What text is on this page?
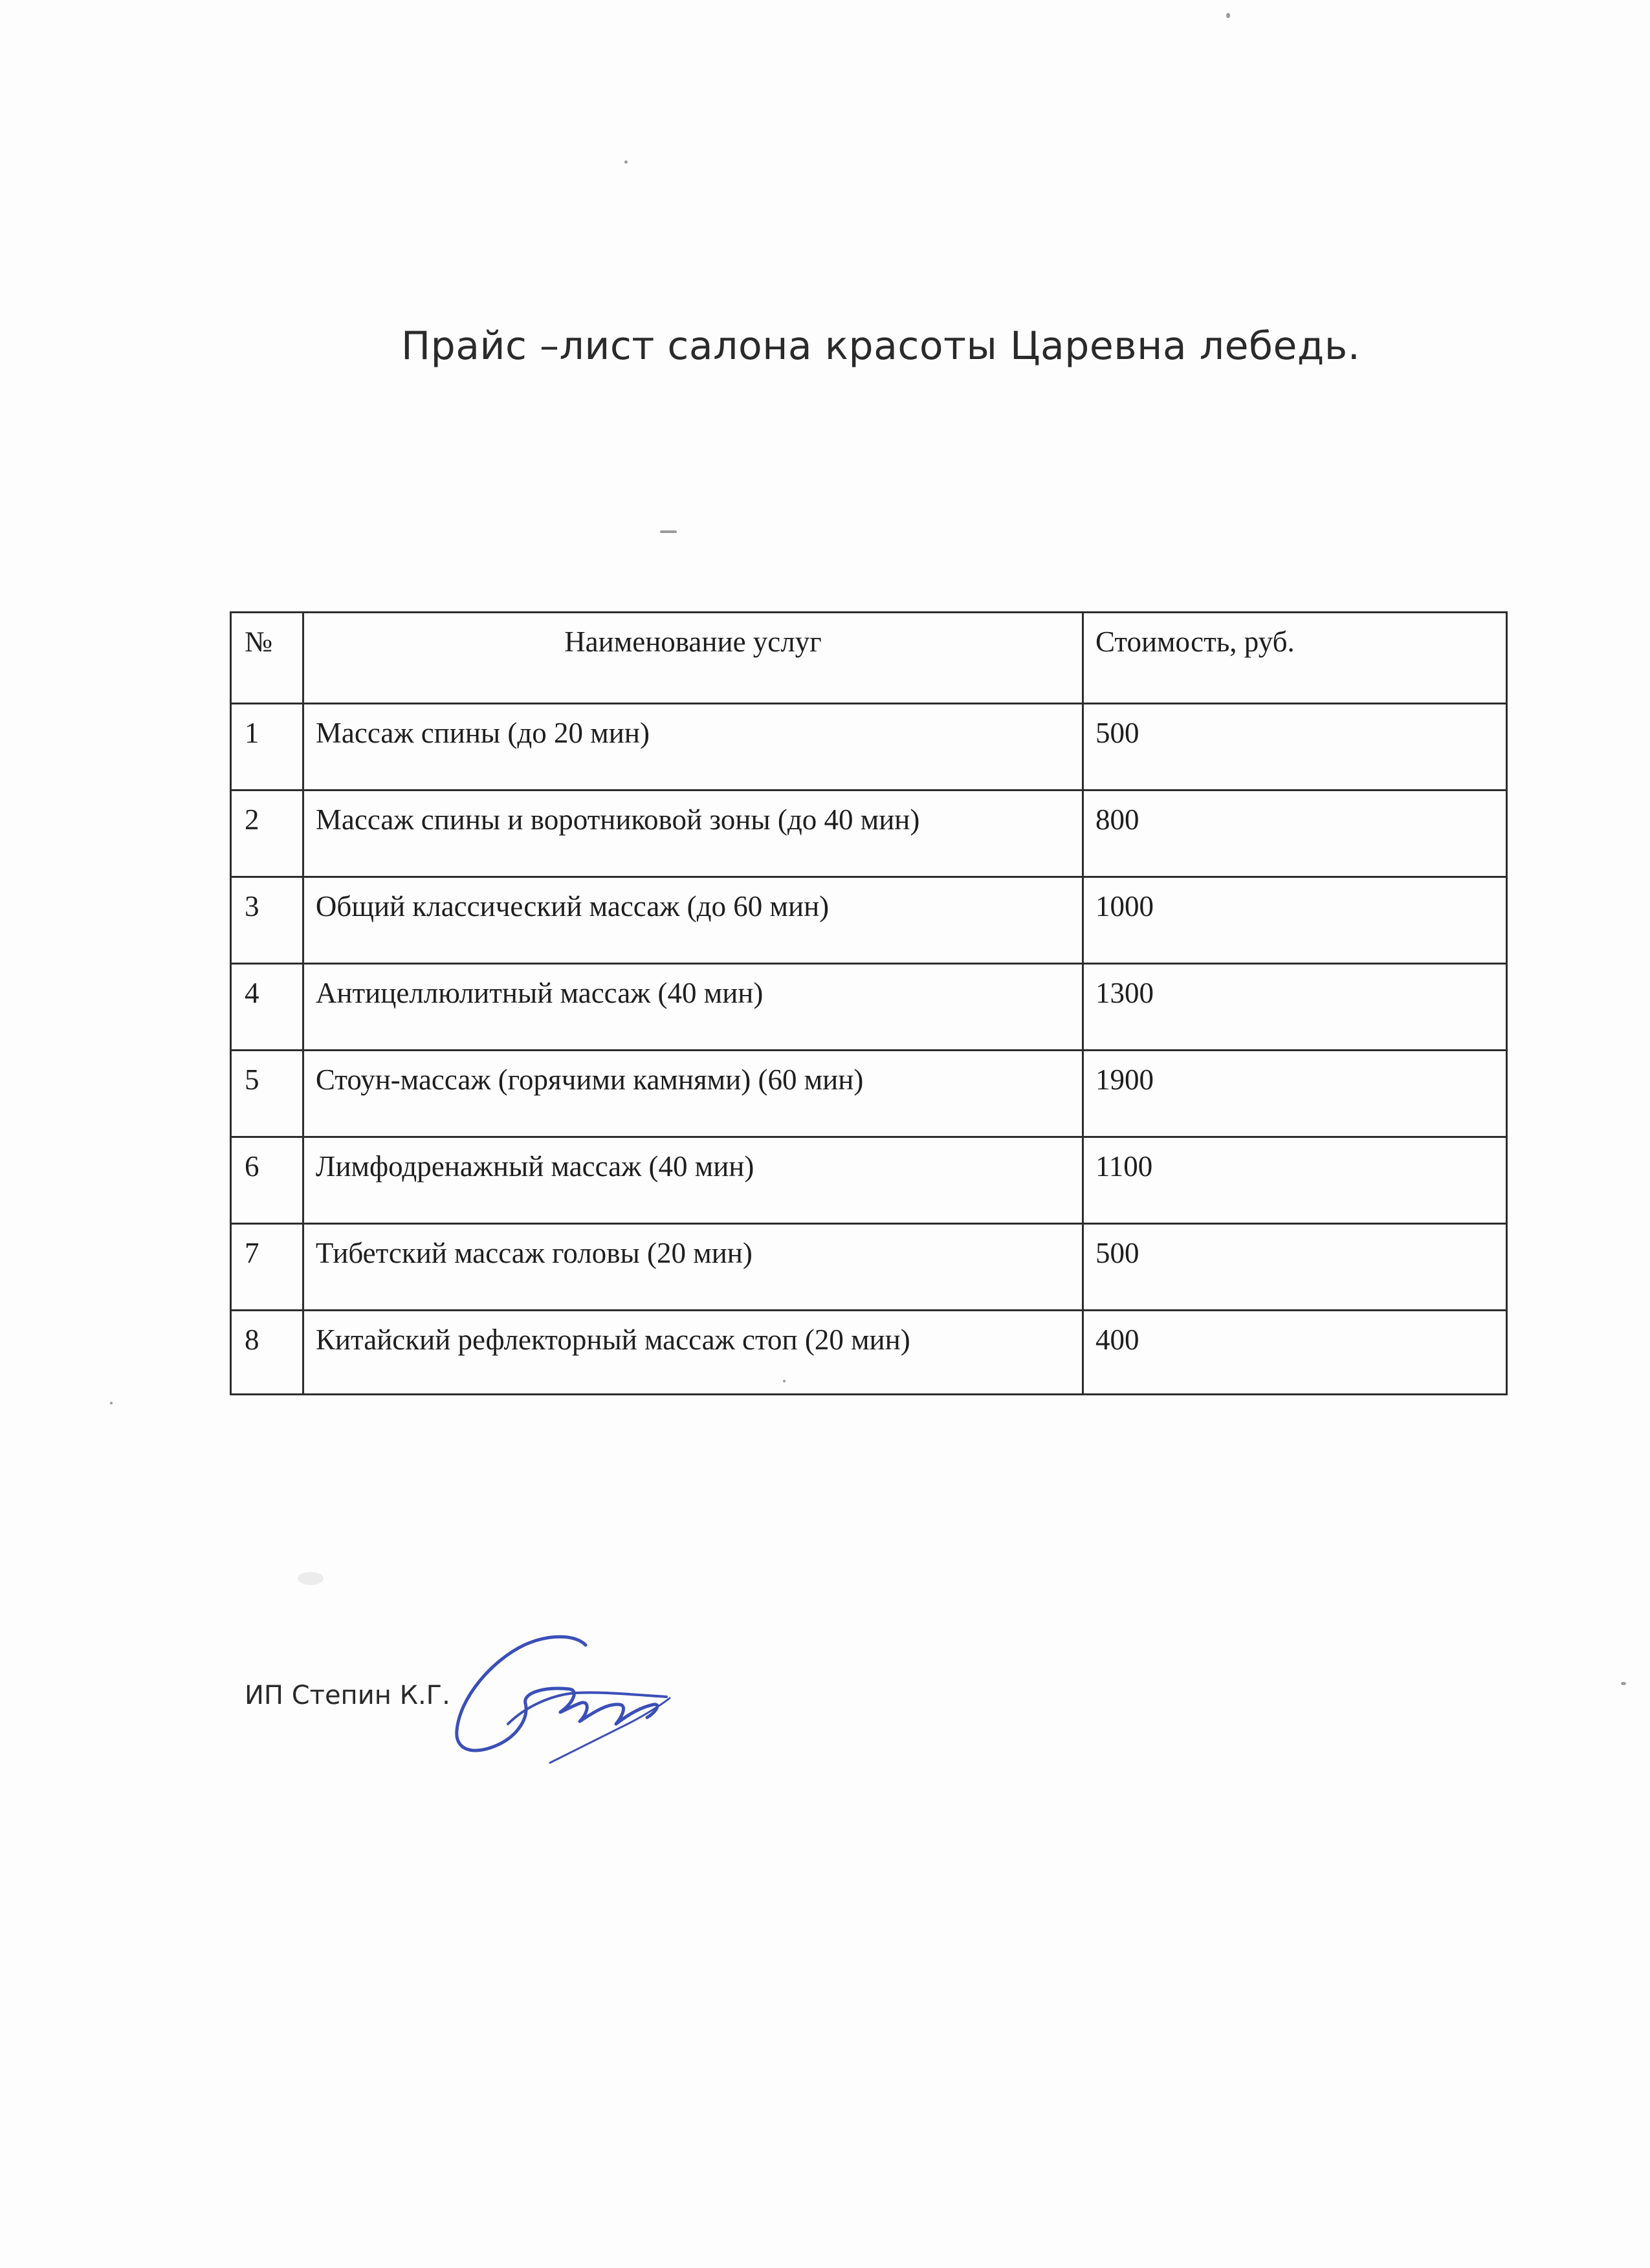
Прайс –лист салона красоты Царевна лебедь.
№	Наименование услуг	Стоимость, руб.
1	Массаж спины (до 20 мин)	500
2	Массаж спины и воротниковой зоны (до 40 мин)	800
3	Общий классический массаж (до 60 мин)	1000
4	Антицеллюлитный массаж (40 мин)	1300
5	Стоун-массаж (горячими камнями) (60 мин)	1900
6	Лимфодренажный массаж (40 мин)	1100
7	Тибетский массаж головы (20 мин)	500
8	Китайский рефлекторный массаж стоп (20 мин)	400
ИП Степин К.Г.
